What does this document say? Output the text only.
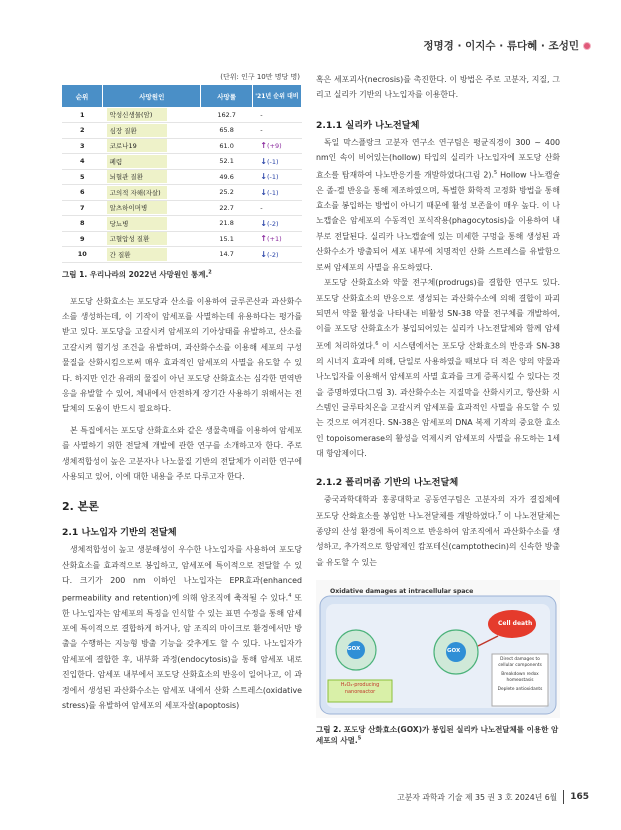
정명경 · 이지수 · 류다혜 · 조성민
(단위: 인구 10만 명당 명)
순위	사망원인	사망률	'21년 순위 대비
1	악성신생물(암)	162.7	-
2	심장 질환	65.8	-
3	코로나19	61.0	↑(+9)
4	폐렴	52.1	↓(-1)
5	뇌혈관 질환	49.6	↓(-1)
6	고의적 자해(자살)	25.2	↓(-1)
7	알츠하이머병	22.7	-
8	당뇨병	21.8	↓(-2)
9	고혈압성 질환	15.1	↑(+1)
10	간 질환	14.7	↓(-2)
그림 1. 우리나라의 2022년 사망원인 통계.$^2$

포도당 산화효소는 포도당과 산소를 이용하여 글루콘산과 과산화수소를 생성하는데, 이 기작이 암세포를 사멸하는데 유용하다는 평가를 받고 있다. 포도당을 고갈시켜 암세포의 기아상태를 유발하고, 산소를 고갈시켜 혐기성 조건을 유발하며, 과산화수소를 이용해 세포의 구성물질을 산화시킴으로써 매우 효과적인 암세포의 사멸을 유도할 수 있다. 하지만 인간 유래의 물질이 아닌 포도당 산화효소는 심각한 면역반응을 유발할 수 있어, 체내에서 안전하게 장기간 사용하기 위해서는 전달체의 도움이 반드시 필요하다.

본 특집에서는 포도당 산화효소와 같은 생물촉매를 이용하여 암세포를 사멸하기 위한 전달체 개발에 관한 연구를 소개하고자 한다. 주로 생체적합성이 높은 고분자나 나노물질 기반의 전달체가 이러한 연구에 사용되고 있어, 이에 대한 내용을 주로 다루고자 한다.

2. 본론
2.1 나노입자 기반의 전달체

생체적합성이 높고 생분해성이 우수한 나노입자를 사용하여 포도당 산화효소를 효과적으로 봉입하고, 암세포에 특이적으로 전달할 수 있다. 크기가 200 nm 이하인 나노입자는 EPR효과(enhanced permeability and retention)에 의해 암조직에 축적될 수 있다.$^4$ 또한 나노입자는 암세포의 특징을 인식할 수 있는 표면 수정을 통해 암세포에 특이적으로 결합하게 하거나, 암 조직의 마이크로 환경에서만 방출을 수행하는 지능형 방출 기능을 갖추게도 할 수 있다. 나노입자가 암세포에 결합한 후, 내부화 과정(endocytosis)을 통해 암세포 내로 진입한다. 암세포 내부에서 포도당 산화효소의 반응이 일어나고, 이 과정에서 생성된 과산화수소는 암세포 내에서 산화 스트레스(oxidative stress)를 유발하여 암세포의 세포자살(apoptosis)

혹은 세포괴사(necrosis)를 촉진한다. 이 방법은 주로 고분자, 지질, 그리고 실리카 기반의 나노입자를 이용한다.

2.1.1 실리카 나노전달체

독일 막스플랑크 고분자 연구소 연구팀은 평균직경이 300 ~ 400 nm인 속이 비어있는(hollow) 타입의 실리카 나노입자에 포도당 산화효소를 탑재하여 나노반응기를 개발하였다(그림 2).$^5$ Hollow 나노캡슐은 졸-겔 반응을 통해 제조하였으며, 특별한 화학적 고정화 방법을 통해 효소를 봉입하는 방법이 아니기 때문에 활성 보존율이 매우 높다. 이 나노캡슐은 암세포의 수동적인 포식작용(phagocytosis)을 이용하여 내부로 전달된다. 실리카 나노캡슐에 있는 미세한 구멍을 통해 생성된 과산화수소가 방출되어 세포 내부에 치명적인 산화 스트레스를 유발함으로써 암세포의 사멸을 유도하였다.

포도당 산화효소와 약물 전구체(prodrugs)를 결합한 연구도 있다. 포도당 산화효소의 반응으로 생성되는 과산화수소에 의해 결합이 파괴되면서 약물 활성을 나타내는 비활성 SN-38 약물 전구체를 개발하여, 이를 포도당 산화효소가 봉입되어있는 실리카 나노전달체와 함께 암세포에 처리하였다.$^6$ 이 시스템에서는 포도당 산화효소의 반응과 SN-38의 시너지 효과에 의해, 단일로 사용하였을 때보다 더 적은 양의 약물과 나노입자를 이용해서 암세포의 사멸 효과를 크게 증폭시킬 수 있다는 것을 증명하였다(그림 3). 과산화수소는 지질막을 산화시키고, 항산화 시스템인 글루타치온을 고갈시켜 암세포를 효과적인 사멸을 유도할 수 있는 것으로 여겨진다. SN-38은 암세포의 DNA 복제 기작의 중요한 효소인 topoisomerase의 활성을 억제시켜 암세포의 사멸을 유도하는 1세대 항암제이다.

2.1.2 폴리머좀 기반의 나노전달체

중국과학대학과 홍콩대학교 공동연구팀은 고분자의 자가 결집체에 포도당 산화효소를 봉입한 나노전달체를 개발하였다.$^7$ 이 나노전달체는 종양의 산성 환경에 특이적으로 반응하여 암조직에서 과산화수소를 생성하고, 추가적으로 항암제인 캄포테신(camptothecin)의 신속한 방출을 유도할 수 있는

Oxidative damages at intracellular space
Cell death
GOX	GOX
H₂O₂-producing nanoreactor
Direct damages to cellular components
Breakdown redox homeostasis
Deplete antioxidants
그림 2. 포도당 산화효소(GOX)가 봉입된 실리카 나노전달체를 이용한 암세포의 사멸.$^5$
고분자 과학과 기술 제 35 권 3 호 2024년 6월 165
